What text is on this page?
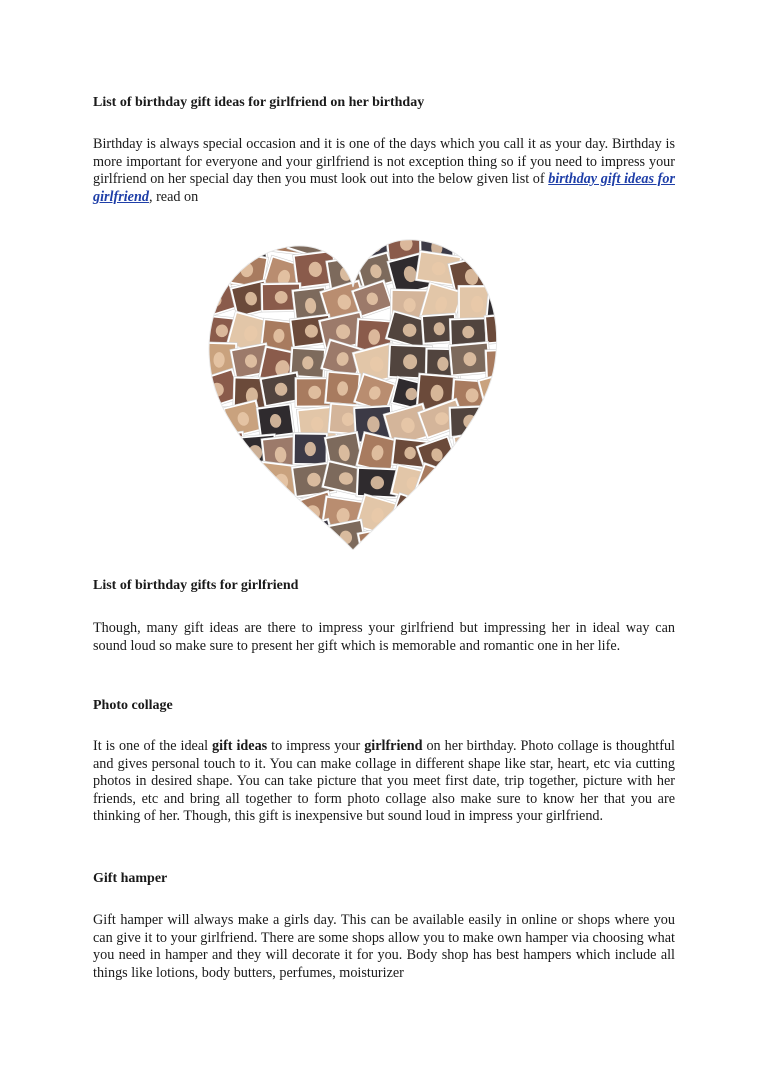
List of birthday gift ideas for girlfriend on her birthday

Birthday is always special occasion and it is one of the days which you call it as your day. Birthday is more important for everyone and your girlfriend is not exception thing so if you need to impress your girlfriend on her special day then you must look out into the below given list of birthday gift ideas for girlfriend, read on

List of birthday gifts for girlfriend

Though, many gift ideas are there to impress your girlfriend but impressing her in ideal way can sound loud so make sure to present her gift which is memorable and romantic one in her life.

Photo collage

It is one of the ideal gift ideas to impress your girlfriend on her birthday. Photo collage is thoughtful and gives personal touch to it. You can make collage in different shape like star, heart, etc via cutting photos in desired shape. You can take picture that you meet first date, trip together, picture with her friends, etc and bring all together to form photo collage also make sure to know her that you are thinking of her. Though, this gift is inexpensive but sound loud in impress your girlfriend.

Gift hamper

Gift hamper will always make a girls day. This can be available easily in online or shops where you can give it to your girlfriend. There are some shops allow you to make own hamper via choosing what you need in hamper and they will decorate it for you. Body shop has best hampers which include all things like lotions, body butters, perfumes, moisturizer
